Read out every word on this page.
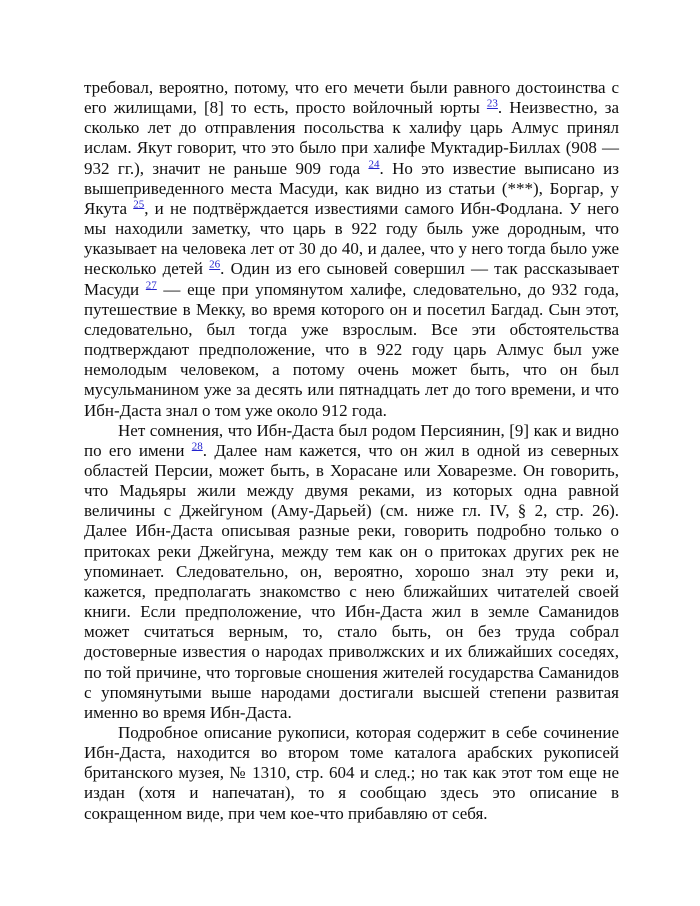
требовал, вероятно, потому, что его мечети были равного достоинства с его жилищами, [8] то есть, просто войлочный юрты $^{23}$. Неизвестно, за сколько лет до отправления посольства к халифу царь Алмус принял ислам. Якут говорит, что это было при халифе Муктадир-Биллах (908 — 932 гг.), значит не раньше 909 года $^{24}$. Но это известие выписано из вышеприведенного места Масуди, как видно из статьи (***), Боргар, у Якута $^{25}$, и не подтвёрждается известиями самого Ибн-Фодлана. У него мы находили заметку, что царь в 922 году быль уже дородным, что указывает на человека лет от 30 до 40, и далее, что у него тогда было уже несколько детей $^{26}$. Один из его сыновей совершил — так рассказывает Масуди $^{27}$ — еще при упомянутом халифе, следовательно, до 932 года, путешествие в Мекку, во время которого он и посетил Багдад. Сын этот, следовательно, был тогда уже взрослым. Все эти обстоятельства подтверждают предположение, что в 922 году царь Алмус был уже немолодым человеком, а потому очень может быть, что он был мусульманином уже за десять или пятнадцать лет до того времени, и что Ибн-Даста знал о том уже около 912 года.

Нет сомнения, что Ибн-Даста был родом Персиянин, [9] как и видно по его имени $^{28}$. Далее нам кажется, что он жил в одной из северных областей Персии, может быть, в Хорасане или Ховарезме. Он говорить, что Мадьяры жили между двумя реками, из которых одна равной величины с Джейгуном (Аму-Дарьей) (см. ниже гл. IV, § 2, стр. 26). Далее Ибн-Даста описывая разные реки, говорить подробно только о притоках реки Джейгуна, между тем как он о притоках других рек не упоминает. Следовательно, он, вероятно, хорошо знал эту реки и, кажется, предполагать знакомство с нею ближайших читателей своей книги. Если предположение, что Ибн-Даста жил в земле Саманидов может считаться верным, то, стало быть, он без труда собрал достоверные известия о народах приволжских и их ближайших соседях, по той причине, что торговые сношения жителей государства Саманидов с упомянутыми выше народами достигали высшей степени развитая именно во время Ибн-Даста.

Подробное описание рукописи, которая содержит в себе сочинение Ибн-Даста, находится во втором томе каталога арабских рукописей британского музея, № 1310, стр. 604 и след.; но так как этот том еще не издан (хотя и напечатан), то я сообщаю здесь это описание в сокращенном виде, при чем кое-что прибавляю от себя.
